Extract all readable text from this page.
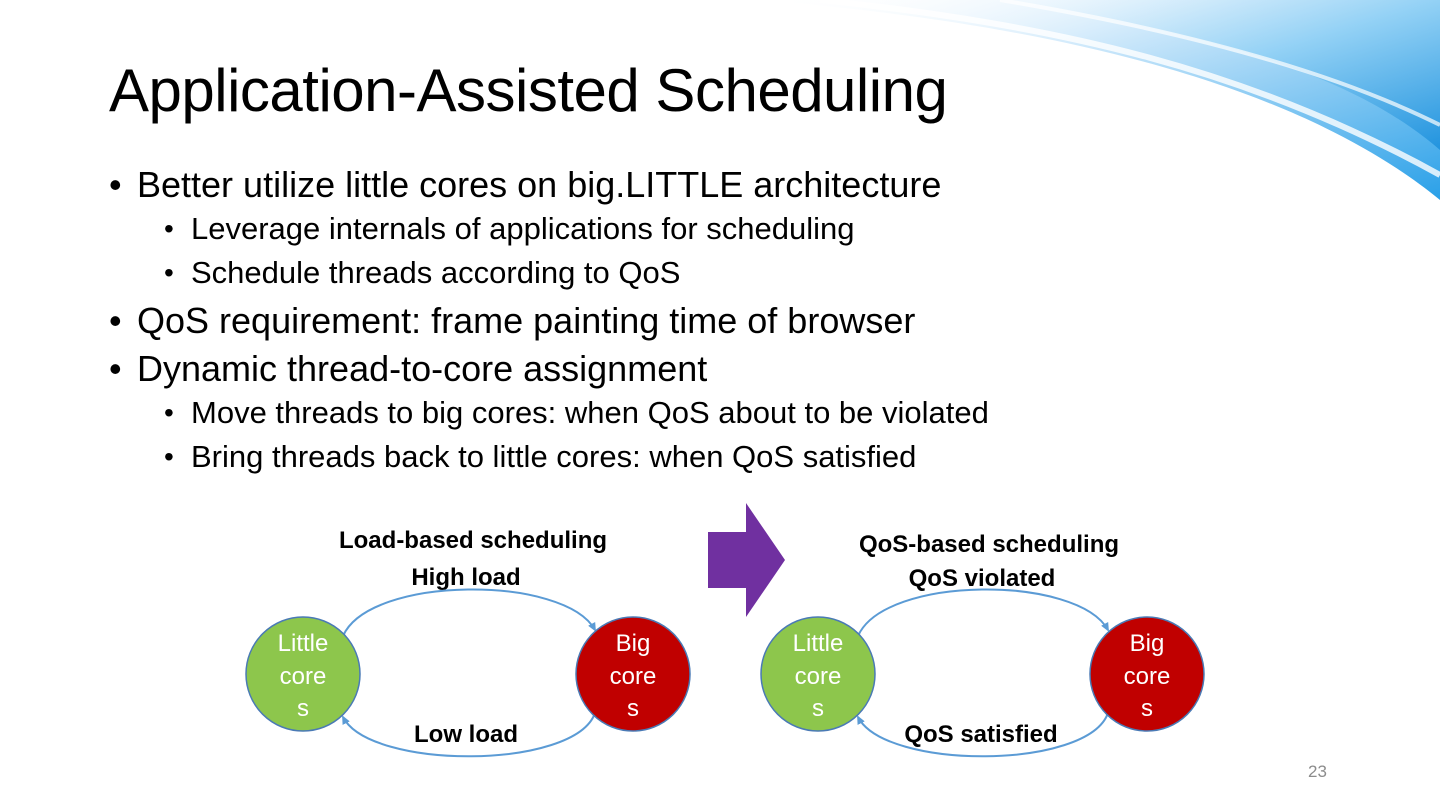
Application-Assisted Scheduling
• Better utilize little cores on big.LITTLE architecture
• Leverage internals of applications for scheduling
• Schedule threads according to QoS
• QoS requirement: frame painting time of browser
• Dynamic thread-to-core assignment
• Move threads to big cores: when QoS about to be violated
• Bring threads back to little cores: when QoS satisfied
Load-based scheduling
High load
Little
core
s
Big
core
s
Low load
QoS-based scheduling
QoS violated
Little
core
s
Big
core
s
QoS satisfied
23
